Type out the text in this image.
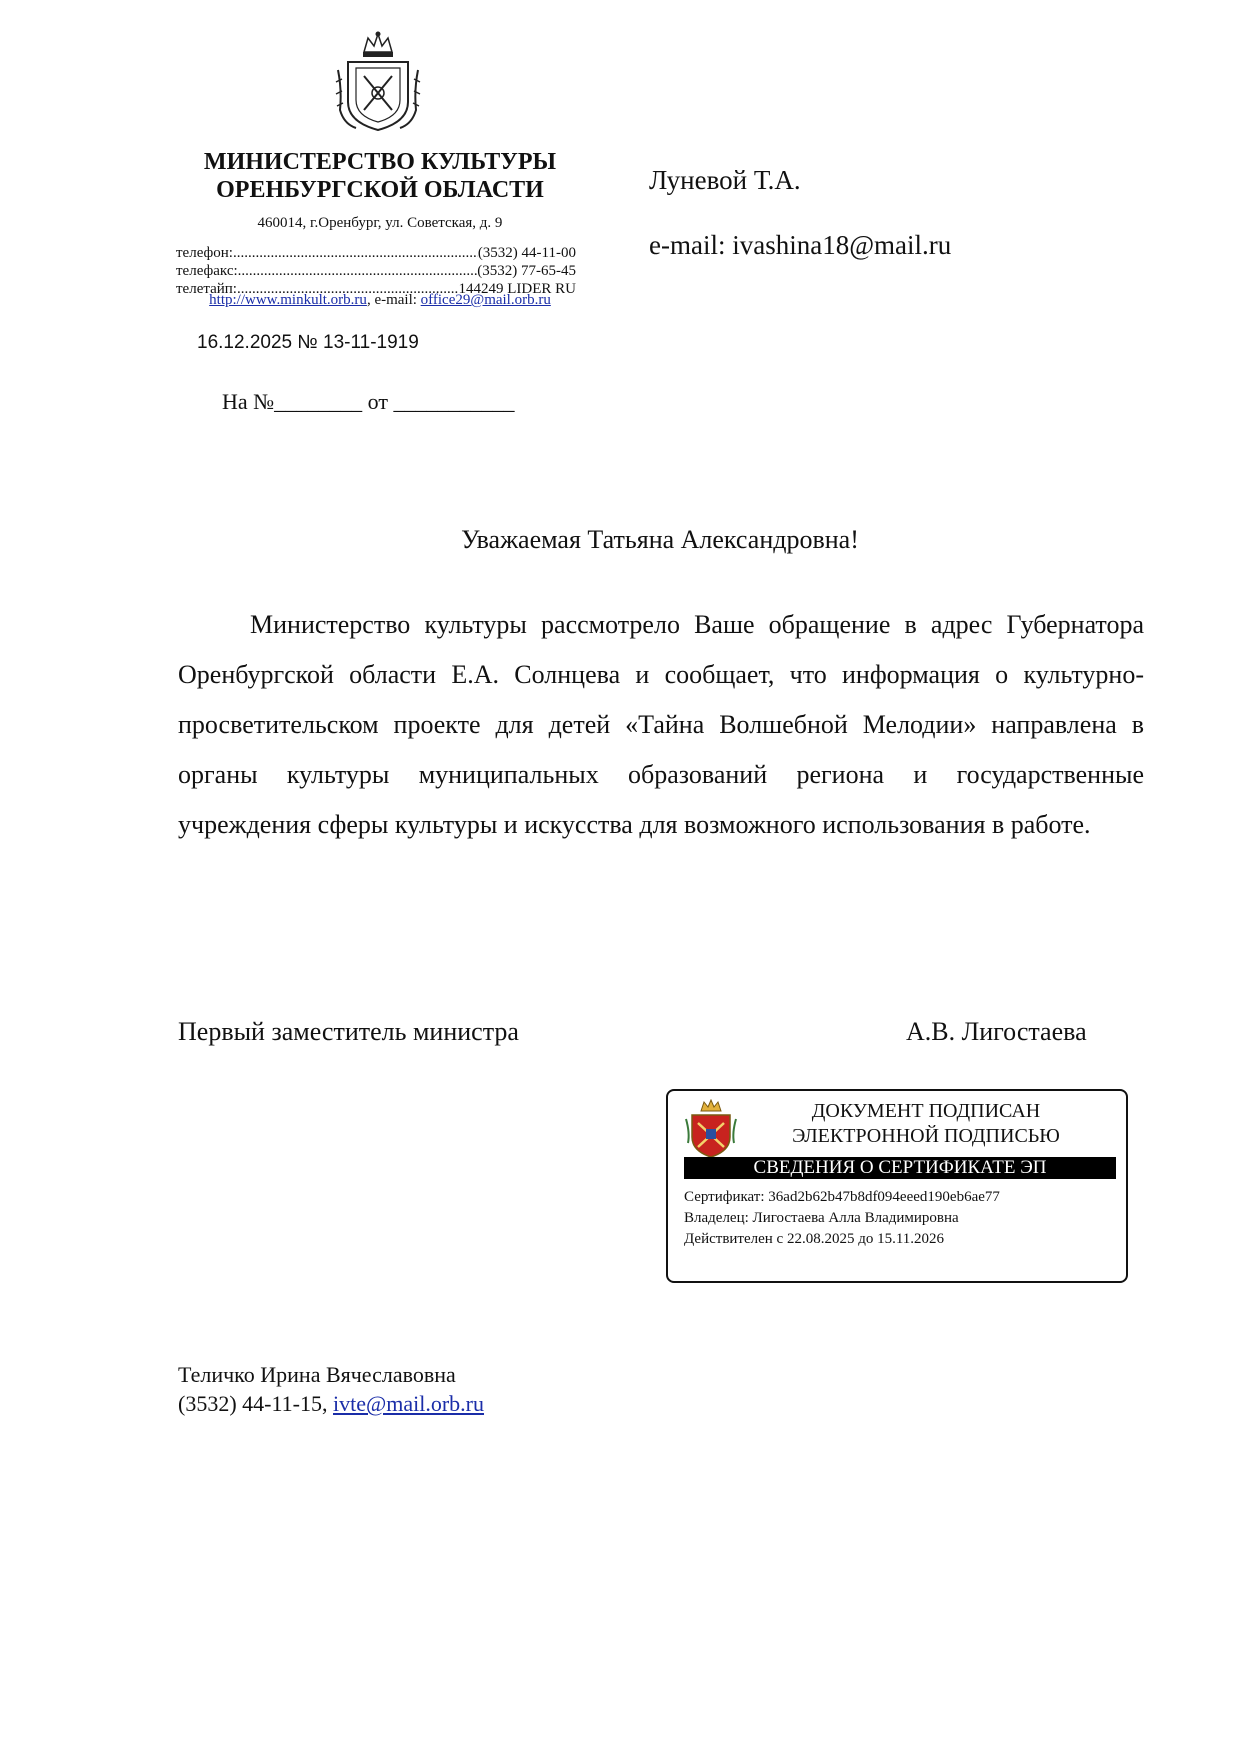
МИНИСТЕРСТВО КУЛЬТУРЫ
ОРЕНБУРГСКОЙ ОБЛАСТИ
460014, г.Оренбург, ул. Советская, д. 9
телефон: .....	(3532) 44-11-00
телефакс: .....	(3532) 77-65-45
телетайп: .....	144249 LIDER RU
http://www.minkult.orb.ru, e-mail: office29@mail.orb.ru
16.12.2025 № 13-11-1919
На №________ от ___________
Луневой Т.А.
e-mail: ivashina18@mail.ru
Уважаемая Татьяна Александровна!
Министерство культуры рассмотрело Ваше обращение в адрес Губернатора Оренбургской области Е.А. Солнцева и сообщает, что информация о культурно-просветительском проекте для детей «Тайна Волшебной Мелодии» направлена в органы культуры муниципальных образований региона и государственные учреждения сферы культуры и искусства для возможного использования в работе.
Первый заместитель министра	А.В. Лигостаева
ДОКУМЕНТ ПОДПИСАН
ЭЛЕКТРОННОЙ ПОДПИСЬЮ
СВЕДЕНИЯ О СЕРТИФИКАТЕ ЭП
Сертификат: 36ad2b62b47b8df094eeed190eb6ae77
Владелец: Лигостаева Алла Владимировна
Действителен с 22.08.2025 до 15.11.2026
Теличко Ирина Вячеславовна
(3532) 44-11-15, ivte@mail.orb.ru
